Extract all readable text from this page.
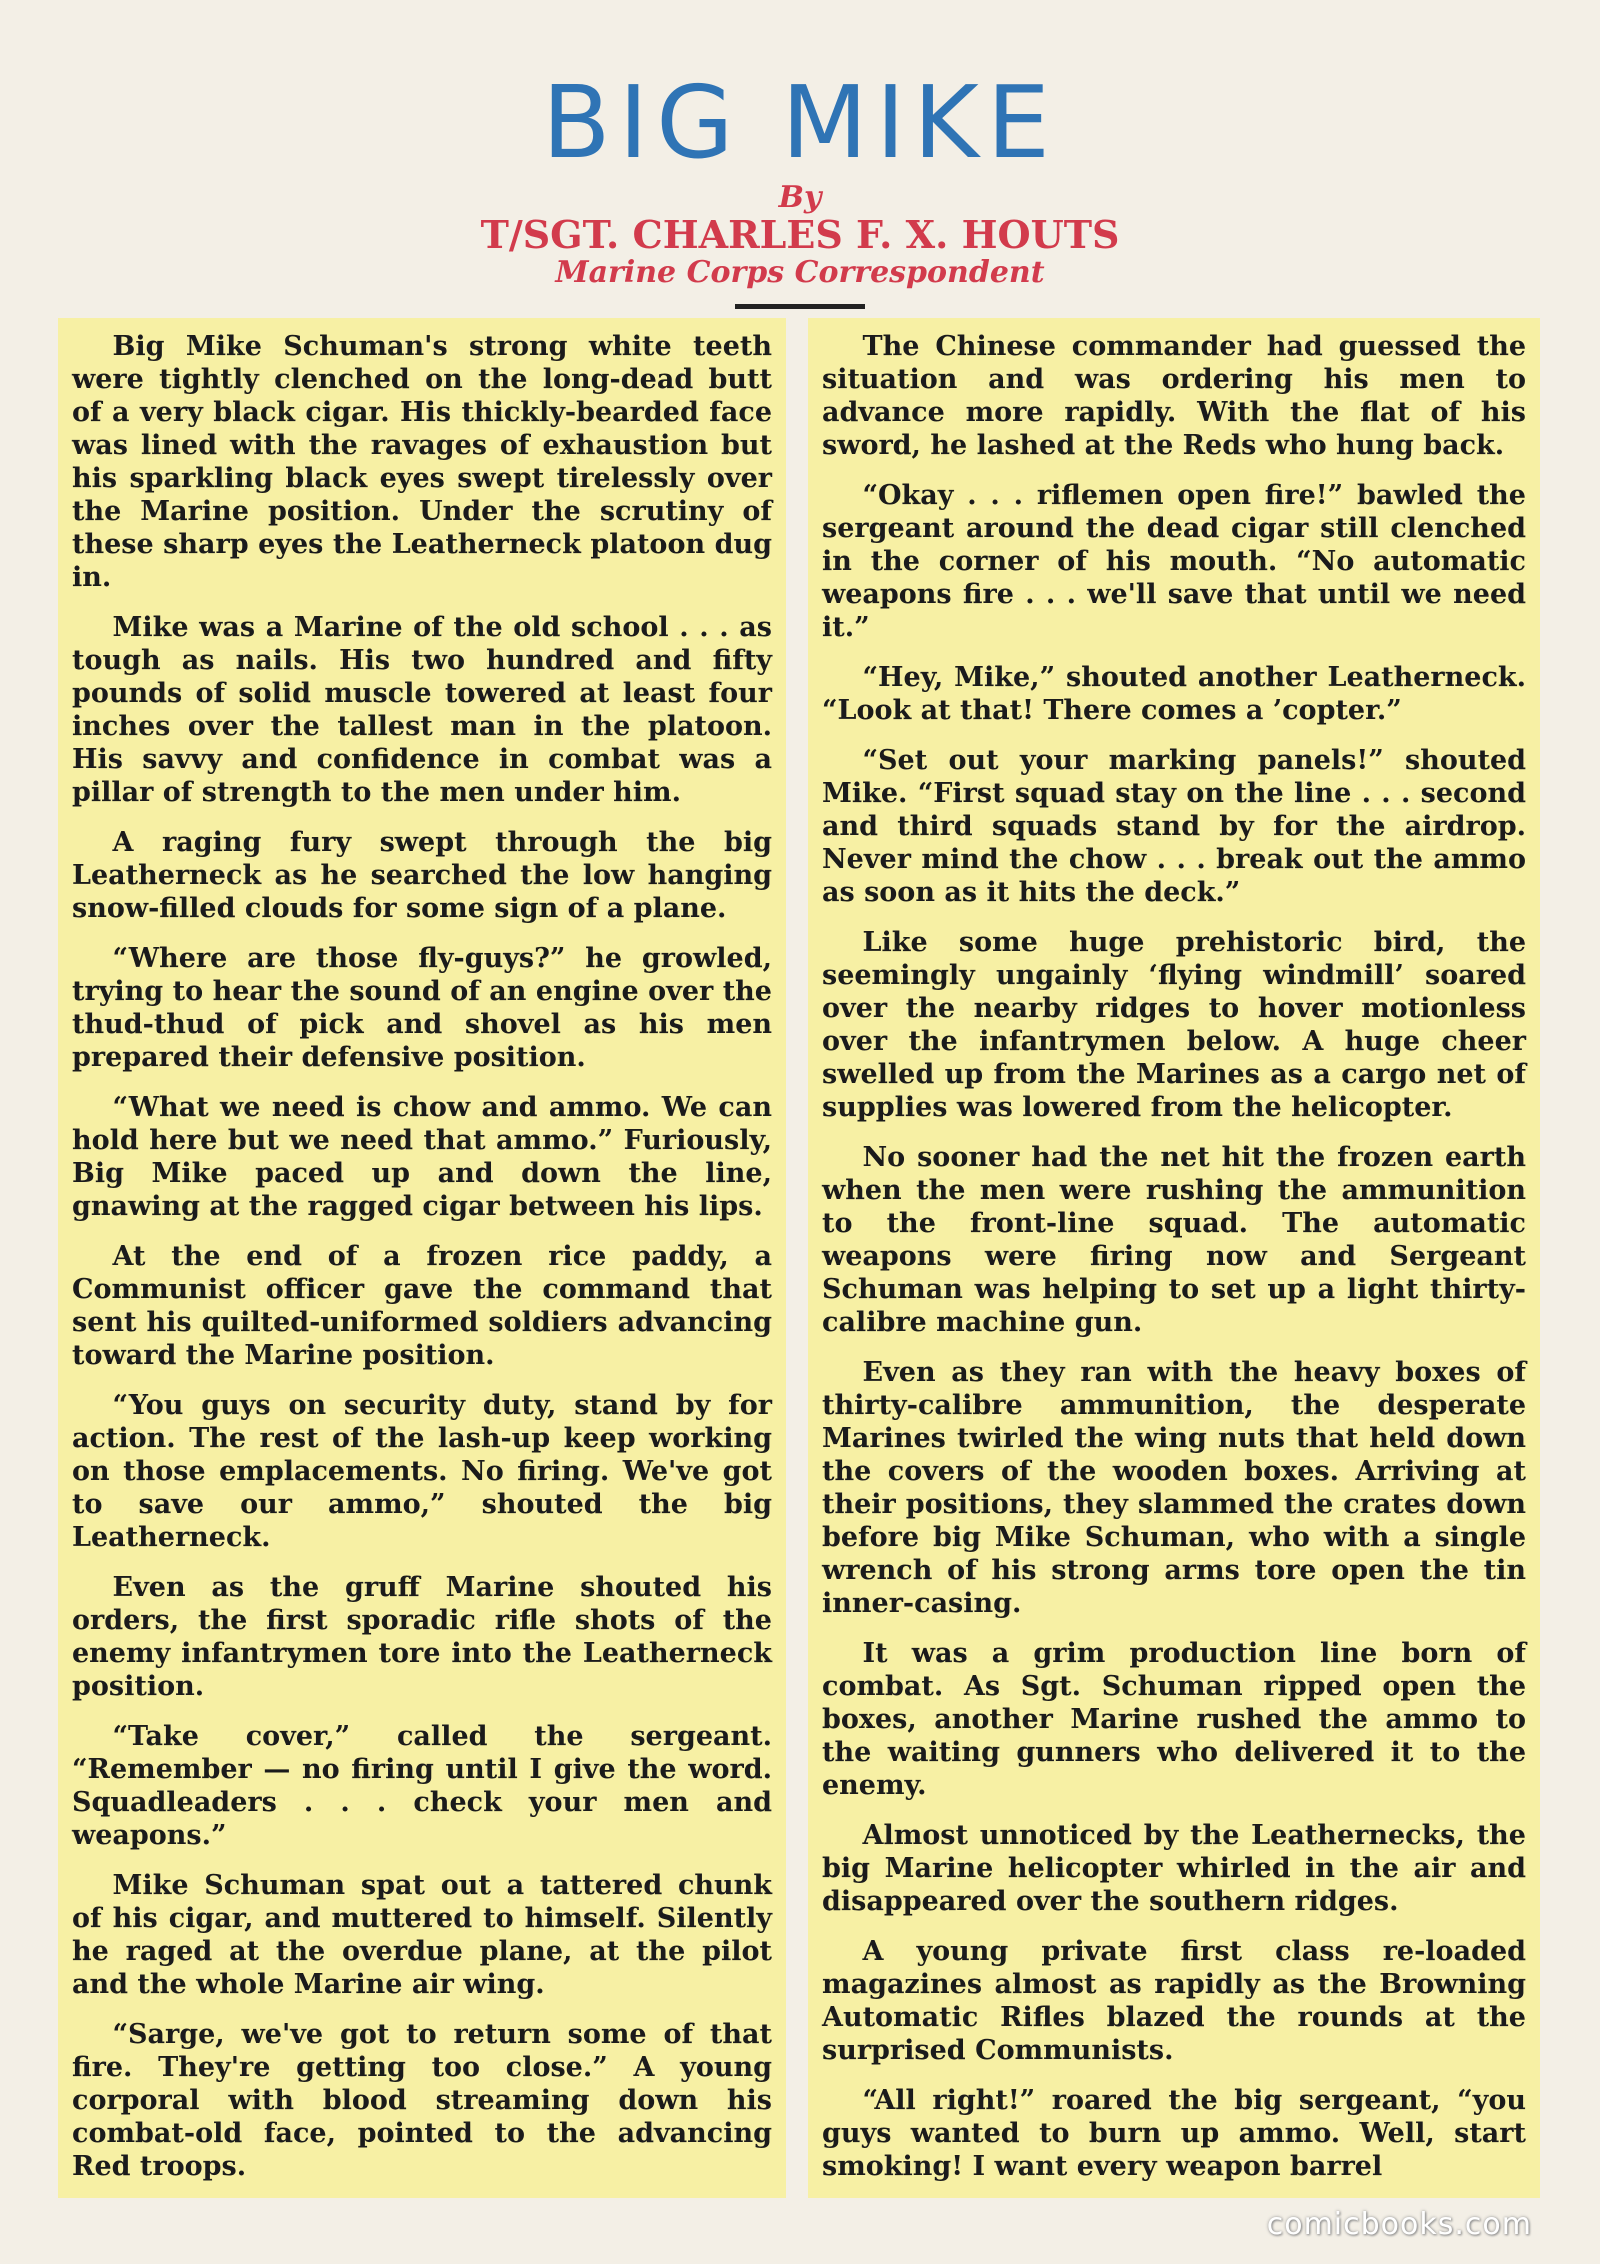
BIG MIKE
By
T/SGT. CHARLES F. X. HOUTS
Marine Corps Correspondent

Big Mike Schuman's strong white teeth were tightly clenched on the long-dead butt of a very black cigar. His thickly-bearded face was lined with the ravages of exhaustion but his sparkling black eyes swept tirelessly over the Marine position. Under the scrutiny of these sharp eyes the Leatherneck platoon dug in.

Mike was a Marine of the old school . . . as tough as nails. His two hundred and fifty pounds of solid muscle towered at least four inches over the tallest man in the platoon. His savvy and confidence in combat was a pillar of strength to the men under him.

A raging fury swept through the big Leatherneck as he searched the low hanging snow-filled clouds for some sign of a plane.

“Where are those fly-guys?” he growled, trying to hear the sound of an engine over the thud-thud of pick and shovel as his men prepared their defensive position.

“What we need is chow and ammo. We can hold here but we need that ammo.” Furiously, Big Mike paced up and down the line, gnawing at the ragged cigar between his lips.

At the end of a frozen rice paddy, a Communist officer gave the command that sent his quilted-uniformed soldiers advancing toward the Marine position.

“You guys on security duty, stand by for action. The rest of the lash-up keep working on those emplacements. No firing. We've got to save our ammo,” shouted the big Leatherneck.

Even as the gruff Marine shouted his orders, the first sporadic rifle shots of the enemy infantrymen tore into the Leatherneck position.

“Take cover,” called the sergeant. “Remember — no firing until I give the word. Squadleaders . . . check your men and weapons.”

Mike Schuman spat out a tattered chunk of his cigar, and muttered to himself. Silently he raged at the overdue plane, at the pilot and the whole Marine air wing.

“Sarge, we've got to return some of that fire. They're getting too close.” A young corporal with blood streaming down his combat-old face, pointed to the advancing Red troops.

The Chinese commander had guessed the situation and was ordering his men to advance more rapidly. With the flat of his sword, he lashed at the Reds who hung back.

“Okay . . . riflemen open fire!” bawled the sergeant around the dead cigar still clenched in the corner of his mouth. “No automatic weapons fire . . . we'll save that until we need it.”

“Hey, Mike,” shouted another Leatherneck. “Look at that! There comes a ’copter.”

“Set out your marking panels!” shouted Mike. “First squad stay on the line . . . second and third squads stand by for the airdrop. Never mind the chow . . . break out the ammo as soon as it hits the deck.”

Like some huge prehistoric bird, the seemingly ungainly ‘flying windmill’ soared over the nearby ridges to hover motionless over the infantrymen below. A huge cheer swelled up from the Marines as a cargo net of supplies was lowered from the helicopter.

No sooner had the net hit the frozen earth when the men were rushing the ammunition to the front-line squad. The automatic weapons were firing now and Sergeant Schuman was helping to set up a light thirty-calibre machine gun.

Even as they ran with the heavy boxes of thirty-calibre ammunition, the desperate Marines twirled the wing nuts that held down the covers of the wooden boxes. Arriving at their positions, they slammed the crates down before big Mike Schuman, who with a single wrench of his strong arms tore open the tin inner-casing.

It was a grim production line born of combat. As Sgt. Schuman ripped open the boxes, another Marine rushed the ammo to the waiting gunners who delivered it to the enemy.

Almost unnoticed by the Leathernecks, the big Marine helicopter whirled in the air and disappeared over the southern ridges.

A young private first class re-loaded magazines almost as rapidly as the Browning Automatic Rifles blazed the rounds at the surprised Communists.

“All right!” roared the big sergeant, “you guys wanted to burn up ammo. Well, start smoking! I want every weapon barrel

comicbooks.com
